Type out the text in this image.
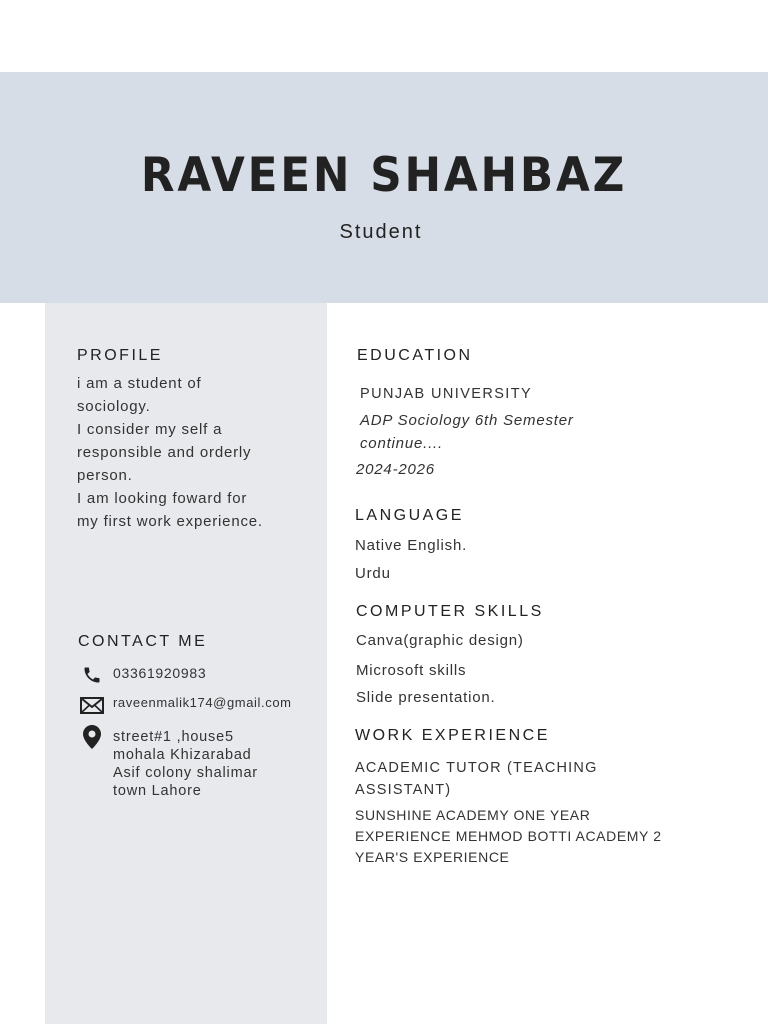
RAVEEN SHAHBAZ
Student
PROFILE
i am a student of
sociology.
I consider my self a
responsible and orderly
person.
I am looking foward for
my first work experience.
CONTACT ME
03361920983
raveenmalik174@gmail.com
street#1 ,house5
mohala Khizarabad
Asif colony shalimar
town Lahore
EDUCATION
PUNJAB UNIVERSITY
ADP Sociology 6th Semester
continue....
2024-2026
LANGUAGE
Native English.
Urdu
COMPUTER SKILLS
Canva(graphic design)
Microsoft skills
Slide presentation.
WORK EXPERIENCE
ACADEMIC TUTOR (TEACHING
ASSISTANT)
SUNSHINE ACADEMY ONE YEAR
EXPERIENCE MEHMOD BOTTI ACADEMY 2
YEAR'S EXPERIENCE
